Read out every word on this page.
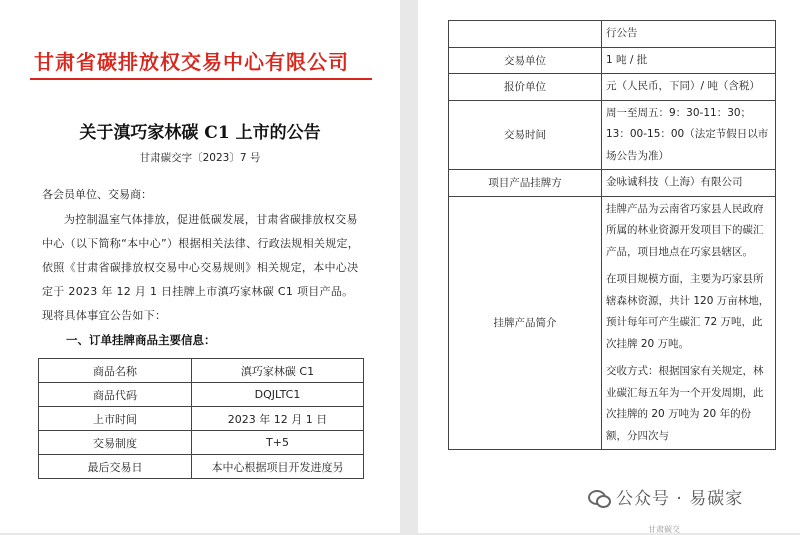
甘肃省碳排放权交易中心有限公司
关于滇巧家林碳 C1 上市的公告
甘肃碳交字〔2023〕7 号
各会员单位、交易商：
为控制温室气体排放，促进低碳发展，甘肃省碳排放权交易中心（以下简称“本中心”）根据相关法律、行政法规相关规定，依照《甘肃省碳排放权交易中心交易规则》相关规定，本中心决定于 2023 年 12 月 1 日挂牌上市滇巧家林碳 C1 项目产品。现将具体事宜公告如下：
一、订单挂牌商品主要信息：
商品名称	滇巧家林碳 C1
商品代码	DQJLTC1
上市时间	2023 年 12 月 1 日
交易制度	T+5
最后交易日	本中心根据项目开发进度另
	行公告
交易单位	1 吨 / 批
报价单位	元（人民币，下同）/ 吨（含税）
交易时间	周一至周五：9：30-11：30；13：00-15：00（法定节假日以市场公告为准）
项目产品挂牌方	金咏诚科技（上海）有限公司
挂牌产品简介	挂牌产品为云南省巧家县人民政府所属的林业资源开发项目下的碳汇产品，项目地点在巧家县辖区。
在项目规模方面，主要为巧家县所辖森林资源，共计 120 万亩林地，预计每年可产生碳汇 72 万吨，此次挂牌 20 万吨。
交收方式：根据国家有关规定，林业碳汇每五年为一个开发周期，此次挂牌的 20 万吨为 20 年的份额，分四次与
公众号 · 易碳家
甘肃碳交
